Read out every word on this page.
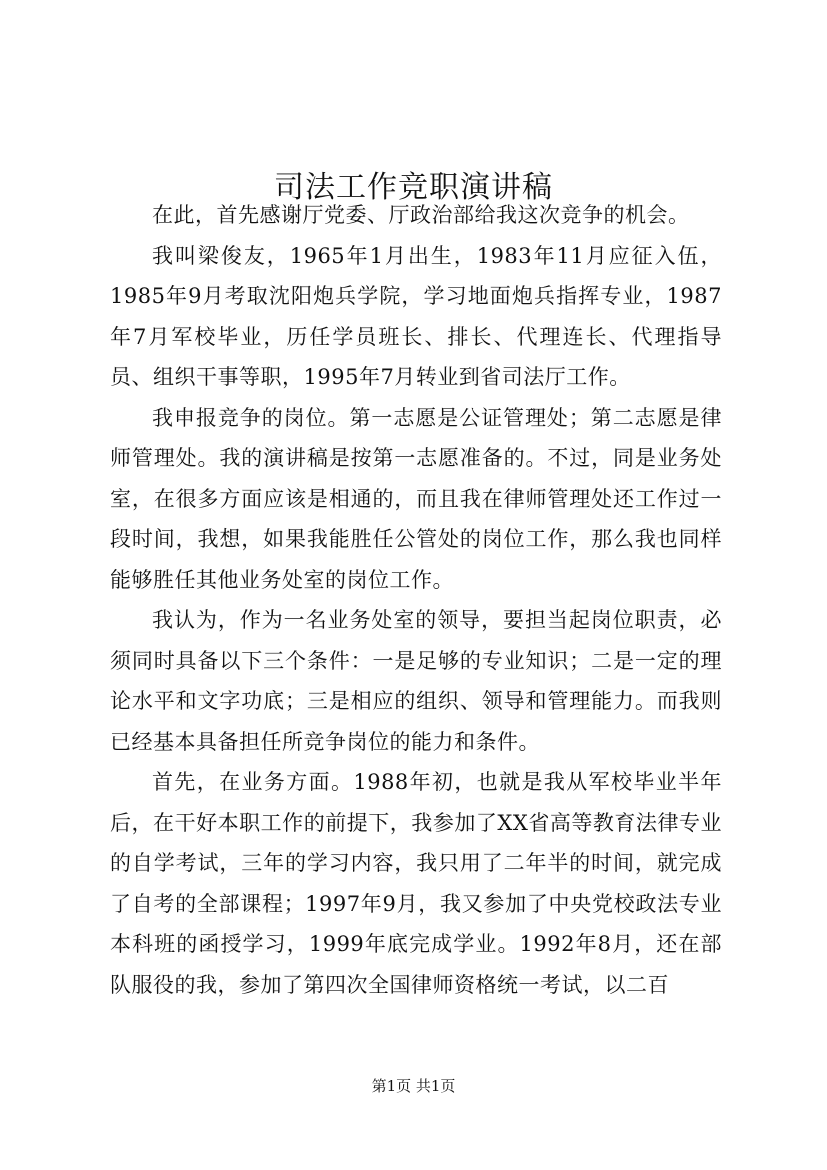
司法工作竞职演讲稿

在此，首先感谢厅党委、厅政治部给我这次竞争的机会。

我叫梁俊友，1965年1月出生，1983年11月应征入伍，1985年9月考取沈阳炮兵学院，学习地面炮兵指挥专业，1987年7月军校毕业，历任学员班长、排长、代理连长、代理指导员、组织干事等职，1995年7月转业到省司法厅工作。

我申报竞争的岗位。第一志愿是公证管理处；第二志愿是律师管理处。我的演讲稿是按第一志愿准备的。不过，同是业务处室，在很多方面应该是相通的，而且我在律师管理处还工作过一段时间，我想，如果我能胜任公管处的岗位工作，那么我也同样能够胜任其他业务处室的岗位工作。

我认为，作为一名业务处室的领导，要担当起岗位职责，必须同时具备以下三个条件：一是足够的专业知识；二是一定的理论水平和文字功底；三是相应的组织、领导和管理能力。而我则已经基本具备担任所竞争岗位的能力和条件。

首先，在业务方面。1988年初，也就是我从军校毕业半年后，在干好本职工作的前提下，我参加了XX省高等教育法律专业的自学考试，三年的学习内容，我只用了二年半的时间，就完成了自考的全部课程；1997年9月，我又参加了中央党校政法专业本科班的函授学习，1999年底完成学业。1992年8月，还在部队服役的我，参加了第四次全国律师资格统一考试，以二百

第1页 共1页
